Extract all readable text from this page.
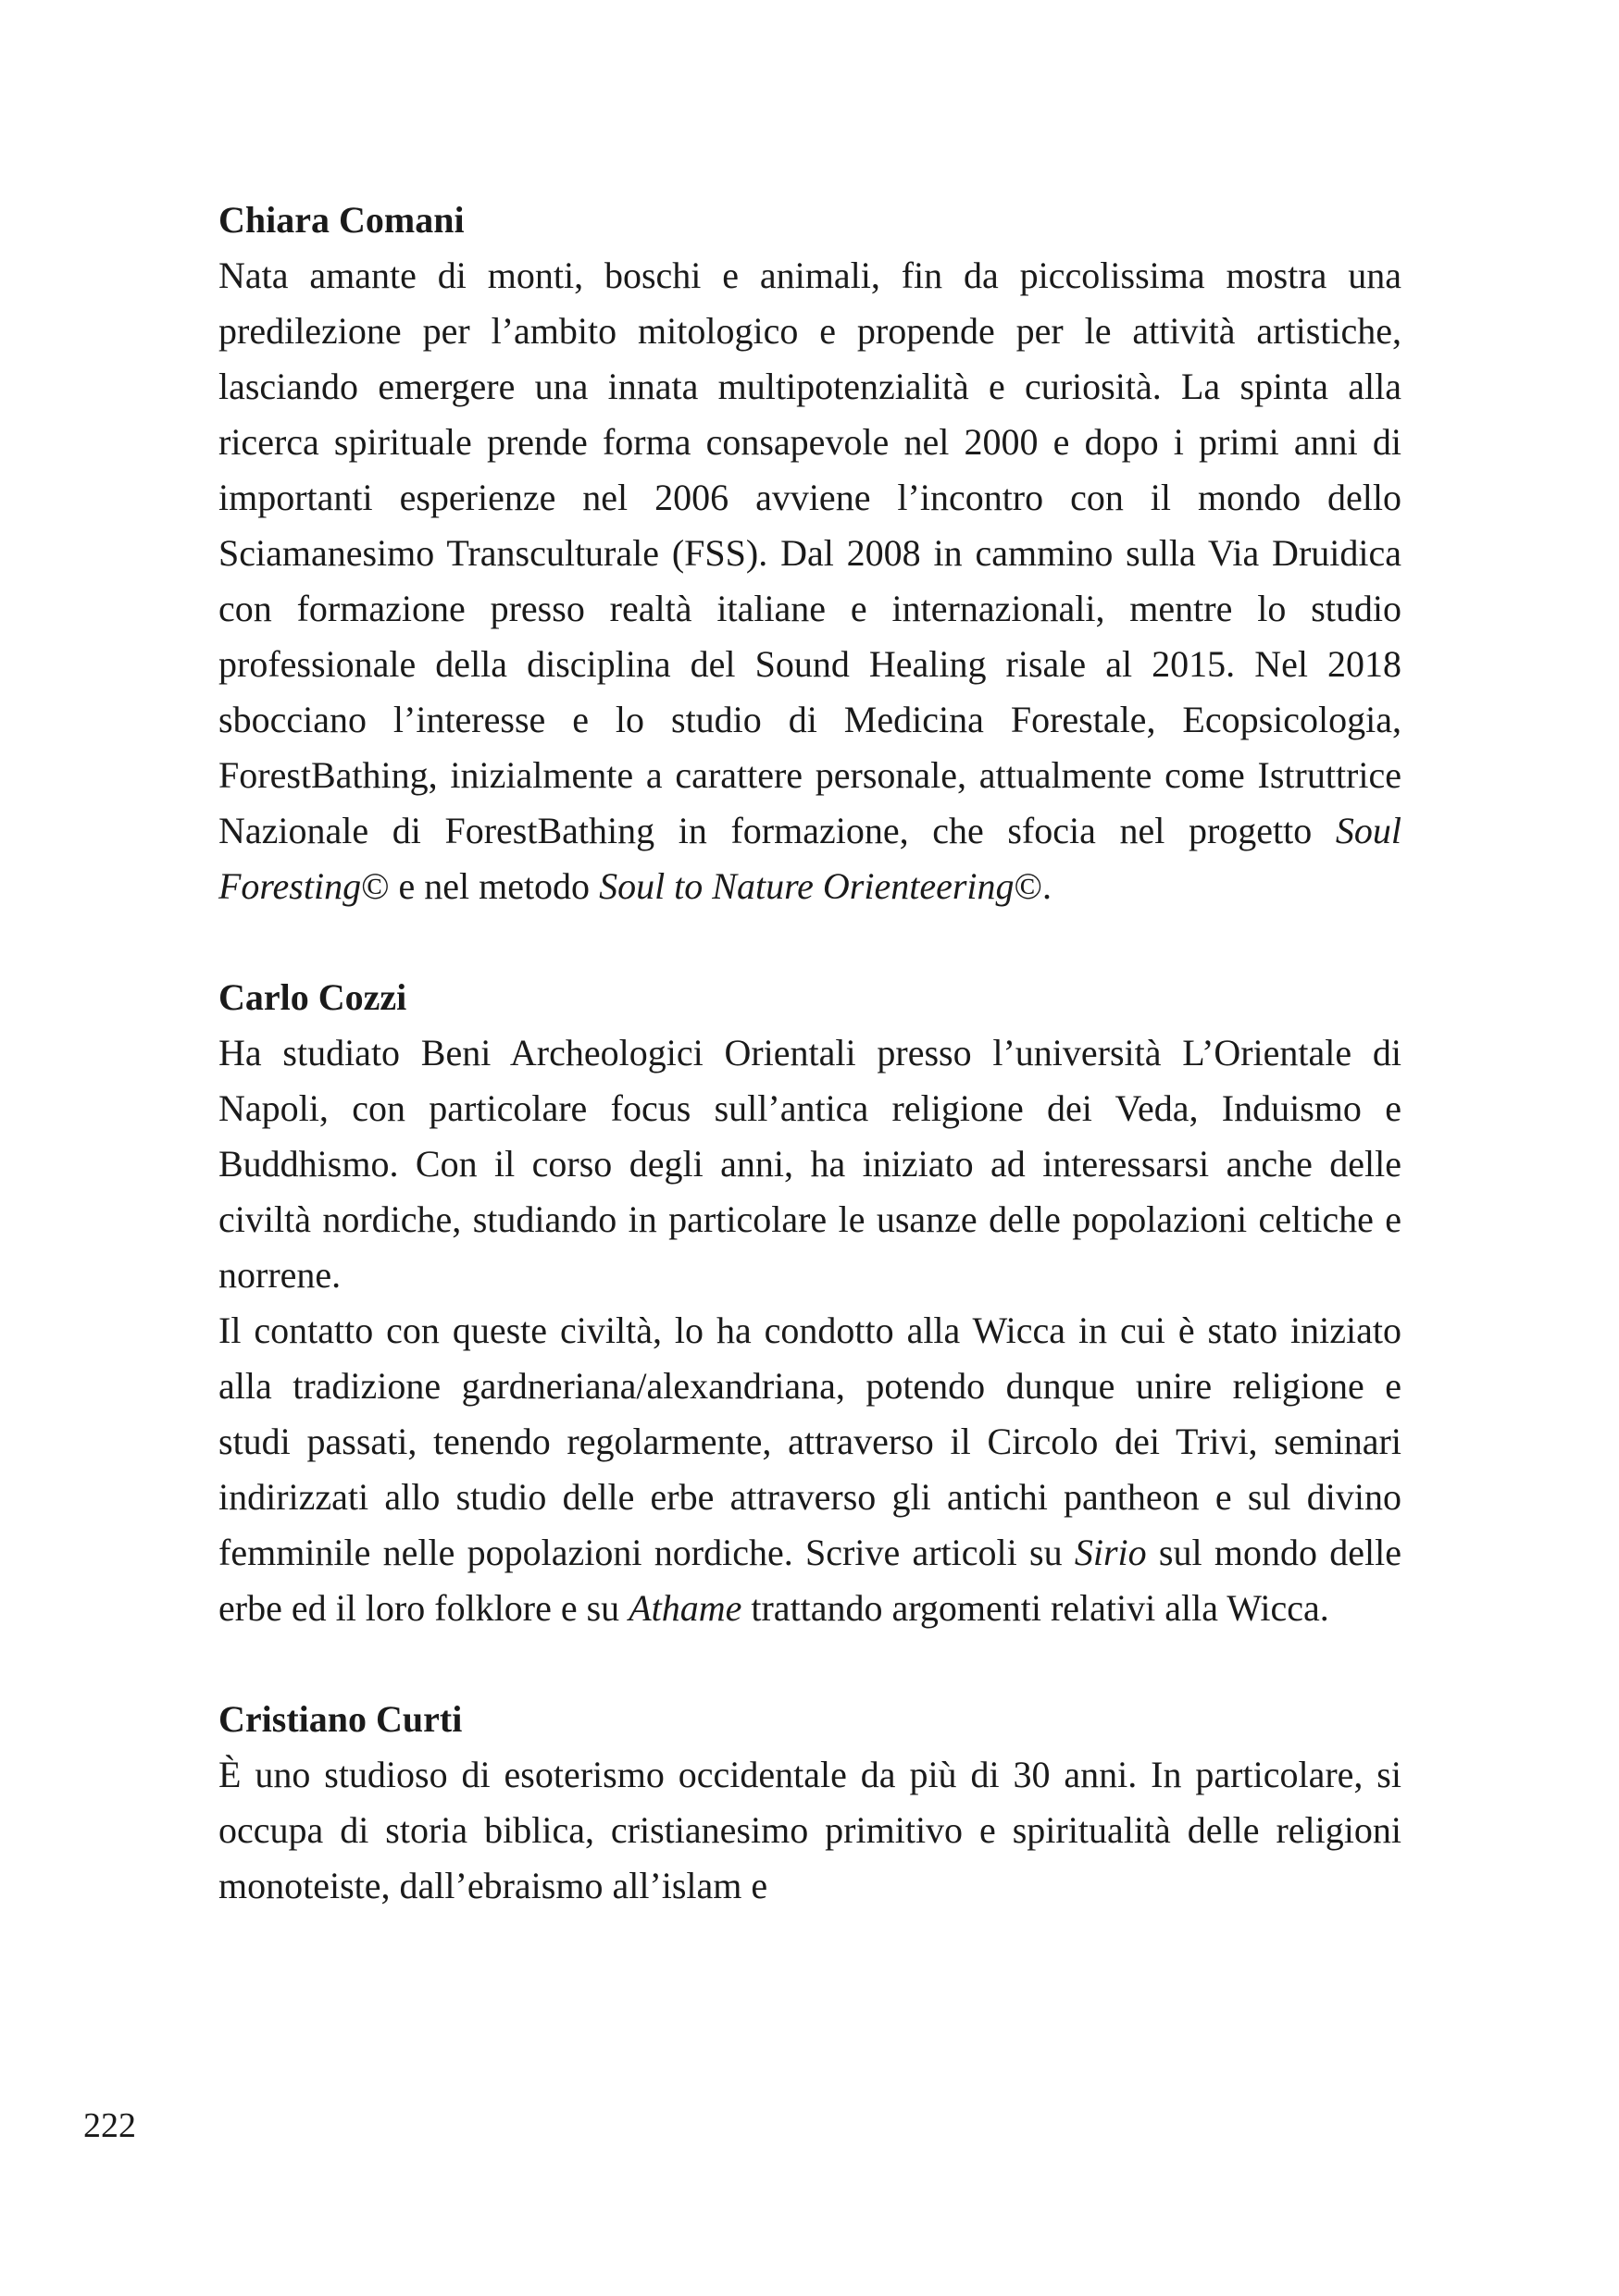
Chiara Comani

Nata amante di monti, boschi e animali, fin da piccolissima mostra una predilezione per l’ambito mitologico e propende per le attività artistiche, lasciando emergere una innata multipotenzialità e curiosità. La spinta alla ricerca spirituale prende forma consapevole nel 2000 e dopo i primi anni di importanti esperienze nel 2006 avviene l’incontro con il mondo dello Sciamanesimo Transculturale (FSS). Dal 2008 in cammino sulla Via Druidica con formazione presso realtà italiane e internazionali, mentre lo studio professionale della disciplina del Sound Healing risale al 2015. Nel 2018 sbocciano l’interesse e lo studio di Medicina Forestale, Ecopsicologia, ForestBathing, inizialmente a carattere personale, attualmente come Istruttrice Nazionale di ForestBathing in formazione, che sfocia nel progetto Soul Foresting© e nel metodo Soul to Nature Orienteering©.

Carlo Cozzi

Ha studiato Beni Archeologici Orientali presso l’università L’Orientale di Napoli, con particolare focus sull’antica religione dei Veda, Induismo e Buddhismo. Con il corso degli anni, ha iniziato ad interessarsi anche delle civiltà nordiche, studiando in particolare le usanze delle popolazioni celtiche e norrene.

Il contatto con queste civiltà, lo ha condotto alla Wicca in cui è stato iniziato alla tradizione gardneriana/alexandriana, potendo dunque unire religione e studi passati, tenendo regolarmente, attraverso il Circolo dei Trivi, seminari indirizzati allo studio delle erbe attraverso gli antichi pantheon e sul divino femminile nelle popolazioni nordiche. Scrive articoli su Sirio sul mondo delle erbe ed il loro folklore e su Athame trattando argomenti relativi alla Wicca.

Cristiano Curti

È uno studioso di esoterismo occidentale da più di 30 anni. In particolare, si occupa di storia biblica, cristianesimo primitivo e spiritualità delle religioni monoteiste, dall’ebraismo all’islam e

222
